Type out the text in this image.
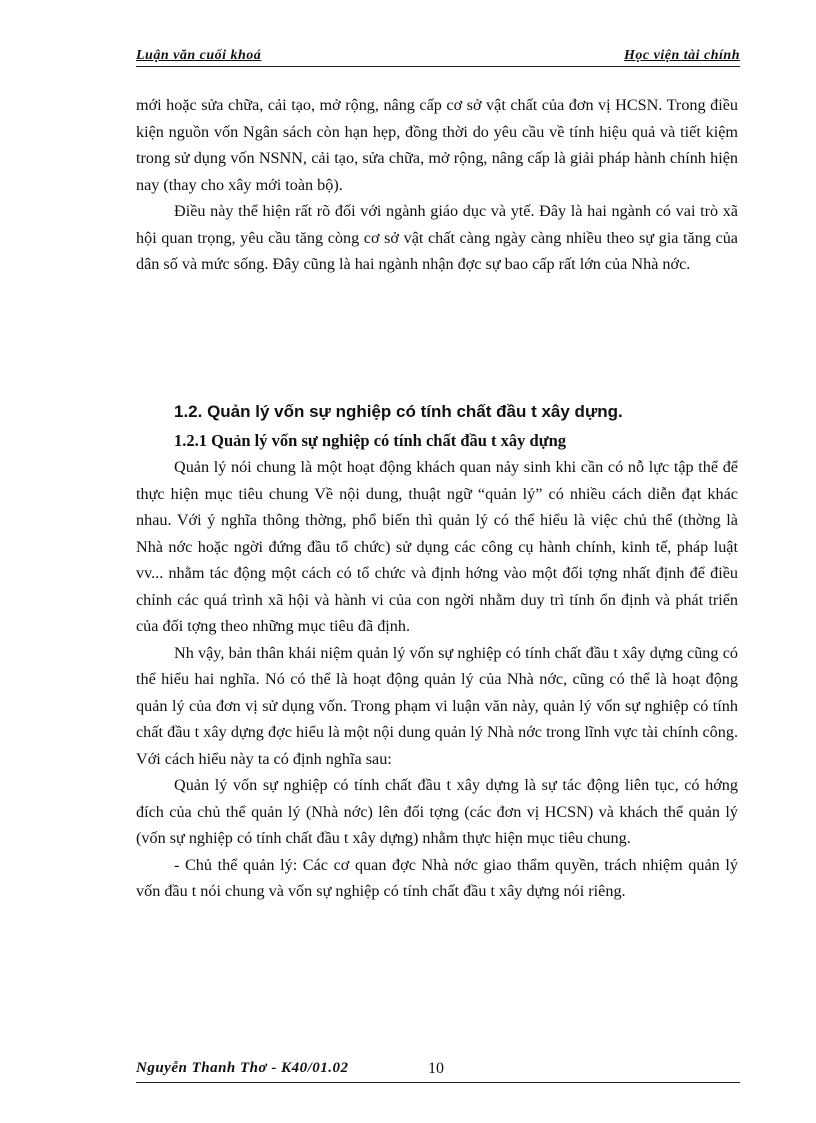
Luận văn cuối khoá	Học viện tài chính

mới hoặc sửa chữa, cải tạo, mở rộng, nâng cấp cơ sở vật chất của đơn vị HCSN. Trong điều kiện nguồn vốn Ngân sách còn hạn hẹp, đồng thời do yêu cầu về tính hiệu quả và tiết kiệm trong sử dụng vốn NSNN, cải tạo, sửa chữa, mở rộng, nâng cấp là giải pháp hành chính hiện nay (thay cho xây mới toàn bộ).

Điều này thể hiện rất rõ đối với ngành giáo dục và ytế. Đây là hai ngành có vai trò xã hội quan trọng, yêu cầu tăng còng cơ sở vật chất càng ngày càng nhiều theo sự gia tăng của dân số và mức sống. Đây cũng là hai ngành nhận đợc sự bao cấp rất lớn của Nhà nớc.

1.2. Quản lý vốn sự nghiệp có tính chất đầu t xây dựng.

1.2.1 Quản lý vốn sự nghiệp có tính chất đầu t xây dựng

Quản lý nói chung là một hoạt động khách quan nảy sinh khi cần có nỗ lực tập thể để thực hiện mục tiêu chung Về nội dung, thuật ngữ “quản lý” có nhiều cách diễn đạt khác nhau. Với ý nghĩa thông thờng, phổ biến thì quản lý có thể hiểu là việc chủ thể (thờng là Nhà nớc hoặc ngời đứng đầu tổ chức) sử dụng các công cụ hành chính, kinh tế, pháp luật vv... nhằm tác động một cách có tổ chức và định hớng vào một đối tợng nhất định để điều chỉnh các quá trình xã hội và hành vi của con ngời nhằm duy trì tính ổn định và phát triển của đối tợng theo những mục tiêu đã định.

Nh vậy, bản thân khái niệm quản lý vốn sự nghiệp có tính chất đầu t xây dựng cũng có thể hiểu hai nghĩa. Nó có thể là hoạt động quản lý của Nhà nớc, cũng có thể là hoạt động quản lý của đơn vị sử dụng vốn. Trong phạm vi luận văn này, quản lý vốn sự nghiệp có tính chất đầu t xây dựng đợc hiểu là một nội dung quản lý Nhà nớc trong lĩnh vực tài chính công. Với cách hiểu này ta có định nghĩa sau:

Quản lý vốn sự nghiệp có tính chất đầu t xây dựng là sự tác động liên tục, có hớng đích của chủ thể quản lý (Nhà nớc) lên đối tợng (các đơn vị HCSN) và khách thể quản lý (vốn sự nghiệp có tính chất đầu t xây dựng) nhằm thực hiện mục tiêu chung.

- Chủ thể quản lý: Các cơ quan đợc Nhà nớc giao thẩm quyền, trách nhiệm quản lý vốn đầu t nói chung và vốn sự nghiệp có tính chất đầu t xây dựng nói riêng.

Nguyễn Thanh Thơ - K40/01.02	10
